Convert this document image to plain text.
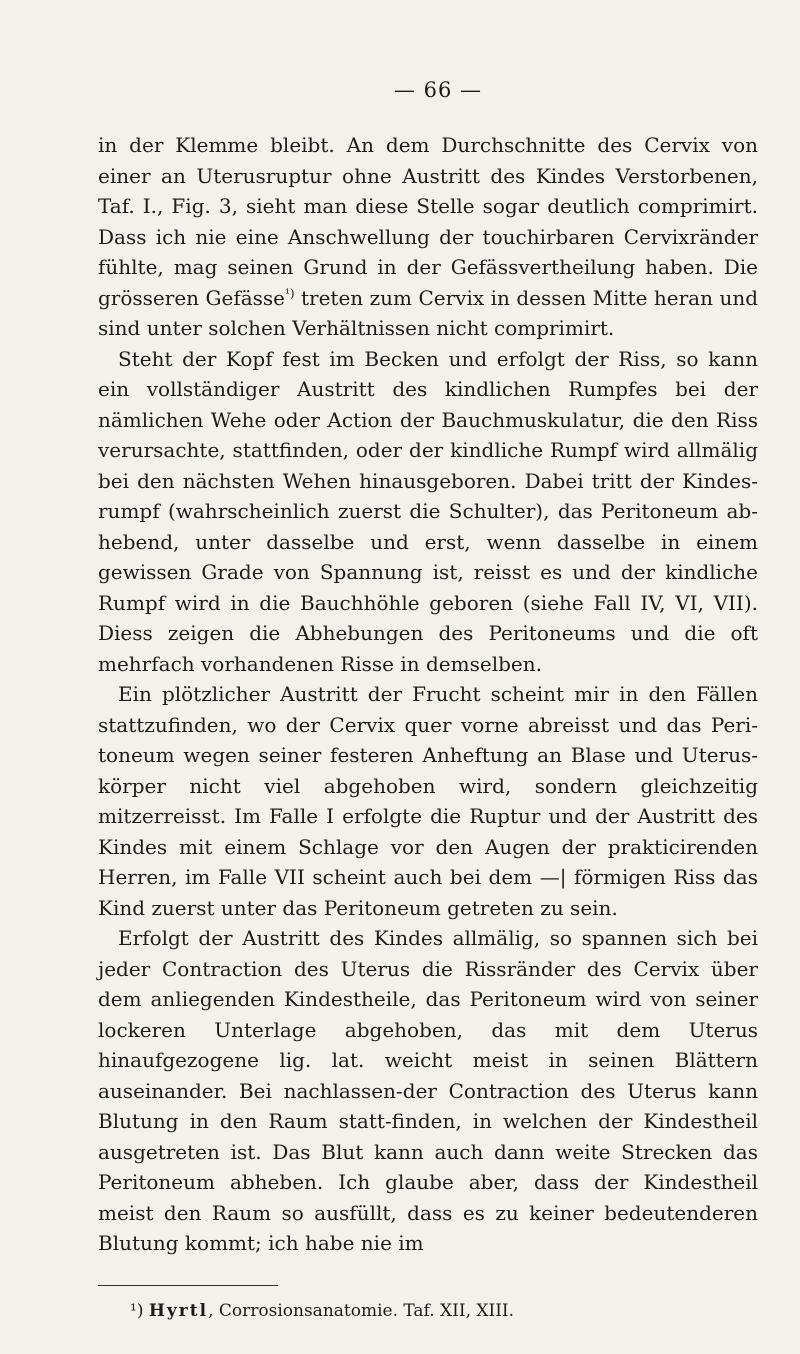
— 66 —

in der Klemme bleibt. An dem Durchschnitte des Cervix von einer an Uterusruptur ohne Austritt des Kindes Verstorbenen, Taf. I., Fig. 3, sieht man diese Stelle sogar deutlich comprimirt. Dass ich nie eine Anschwellung der touchirbaren Cervixränder fühlte, mag seinen Grund in der Gefässvertheilung haben. Die grösseren Gefässe$^{^1)}$ treten zum Cervix in dessen Mitte heran und sind unter solchen Verhältnissen nicht comprimirt.

Steht der Kopf fest im Becken und erfolgt der Riss, so kann ein vollständiger Austritt des kindlichen Rumpfes bei der nämlichen Wehe oder Action der Bauchmuskulatur, die den Riss verursachte, stattfinden, oder der kindliche Rumpf wird allmälig bei den nächsten Wehen hinausgeboren. Dabei tritt der Kindes-rumpf (wahrscheinlich zuerst die Schulter), das Peritoneum ab-hebend, unter dasselbe und erst, wenn dasselbe in einem gewissen Grade von Spannung ist, reisst es und der kindliche Rumpf wird in die Bauchhöhle geboren (siehe Fall IV, VI, VII). Diess zeigen die Abhebungen des Peritoneums und die oft mehrfach vorhandenen Risse in demselben.

Ein plötzlicher Austritt der Frucht scheint mir in den Fällen stattzufinden, wo der Cervix quer vorne abreisst und das Peri-toneum wegen seiner festeren Anheftung an Blase und Uterus-körper nicht viel abgehoben wird, sondern gleichzeitig mitzerreisst. Im Falle I erfolgte die Ruptur und der Austritt des Kindes mit einem Schlage vor den Augen der prakticirenden Herren, im Falle VII scheint auch bei dem —| förmigen Riss das Kind zuerst unter das Peritoneum getreten zu sein.

Erfolgt der Austritt des Kindes allmälig, so spannen sich bei jeder Contraction des Uterus die Rissränder des Cervix über dem anliegenden Kindestheile, das Peritoneum wird von seiner lockeren Unterlage abgehoben, das mit dem Uterus hinaufgezogene lig. lat. weicht meist in seinen Blättern auseinander. Bei nachlassen-der Contraction des Uterus kann Blutung in den Raum statt-finden, in welchen der Kindestheil ausgetreten ist. Das Blut kann auch dann weite Strecken das Peritoneum abheben. Ich glaube aber, dass der Kindestheil meist den Raum so ausfüllt, dass es zu keiner bedeutenderen Blutung kommt; ich habe nie im

¹) Hyrtl, Corrosionsanatomie. Taf. XII, XIII.
